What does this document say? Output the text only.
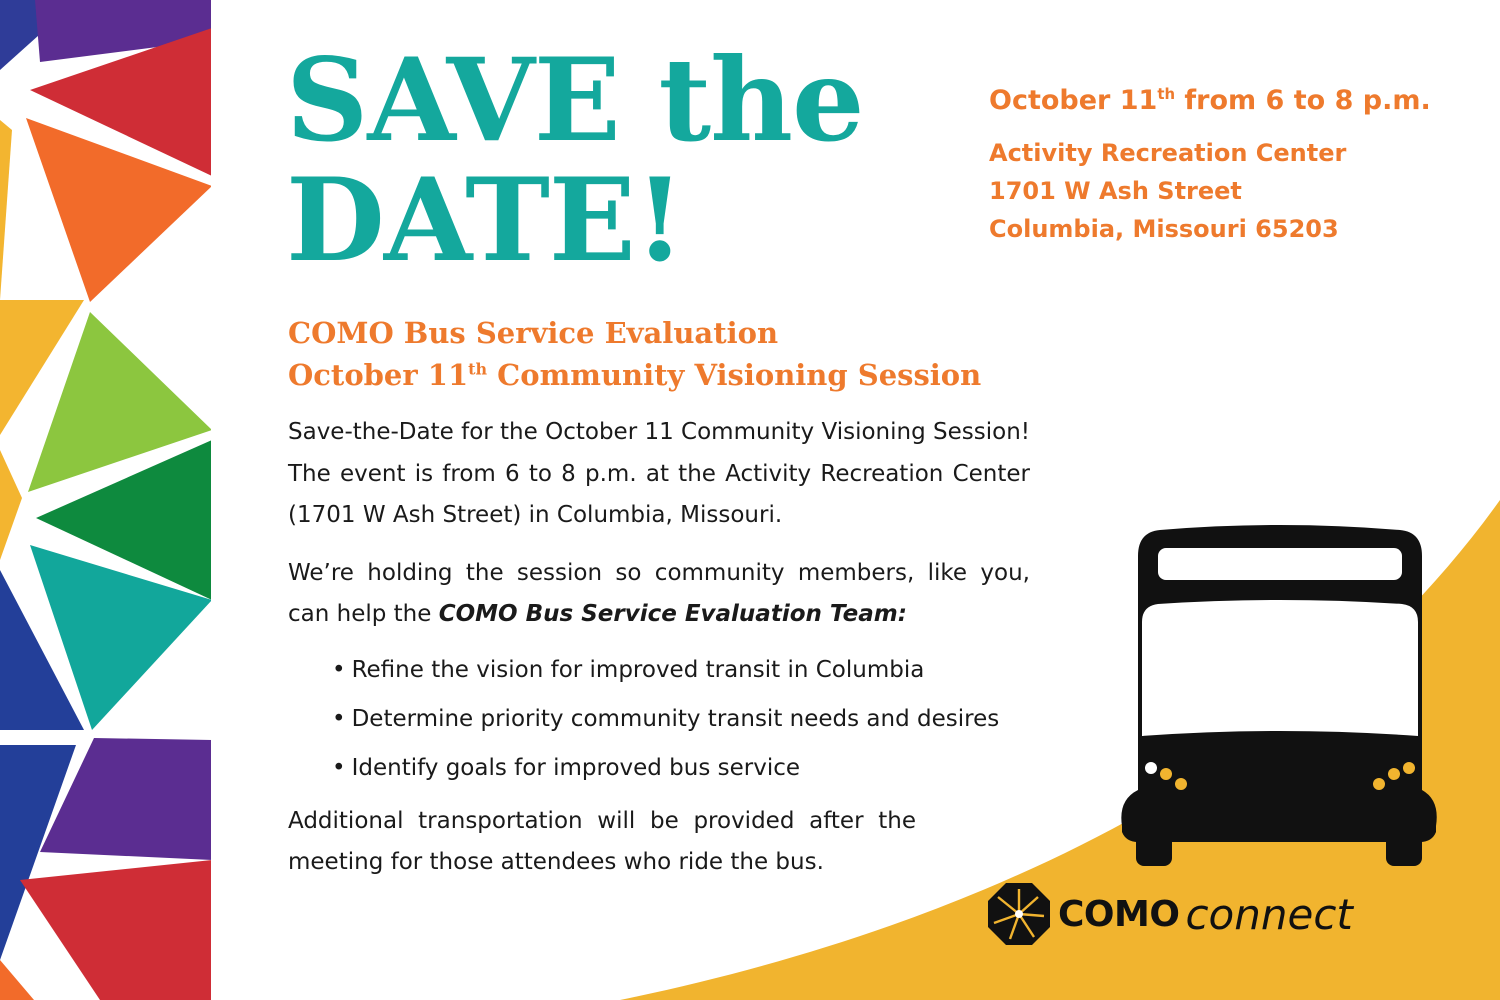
SAVE the
DATE!
October 11th from 6 to 8 p.m.
Activity Recreation Center
1701 W Ash Street
Columbia, Missouri 65203
COMO Bus Service Evaluation
October 11th Community Visioning Session

Save-the-Date for the October 11 Community Visioning Session! The event is from 6 to 8 p.m. at the Activity Recreation Center (1701 W Ash Street) in Columbia, Missouri.

We’re holding the session so community members, like you, can help the COMO Bus Service Evaluation Team:

• Refine the vision for improved transit in Columbia
• Determine priority community transit needs and desires
• Identify goals for improved bus service

Additional transportation will be provided after the meeting for those attendees who ride the bus.

COMO connect
